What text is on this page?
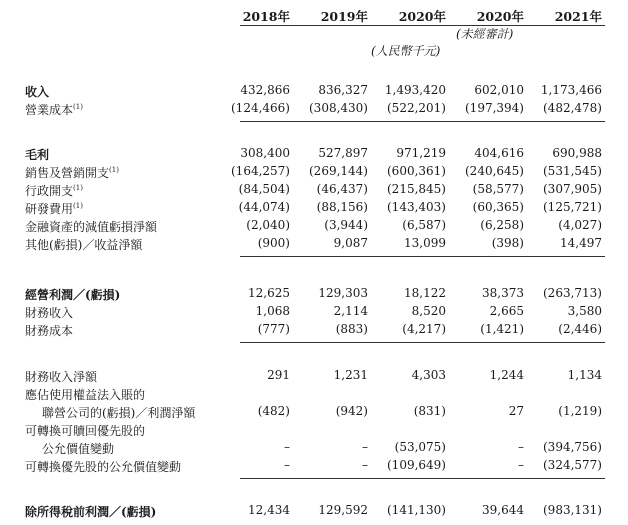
2018年	2019年	2020年	2020年	2021年
(未經審計)
(人民幣千元)
收入	432,866	836,327	1,493,420	602,010	1,173,466
營業成本$^{(1)}$	(124,466)	(308,430)	(522,201)	(197,394)	(482,478)
毛利	308,400	527,897	971,219	404,616	690,988
銷售及營銷開支$^{(1)}$	(164,257)	(269,144)	(600,361)	(240,645)	(531,545)
行政開支$^{(1)}$	(84,504)	(46,437)	(215,845)	(58,577)	(307,905)
研發費用$^{(1)}$	(44,074)	(88,156)	(143,403)	(60,365)	(125,721)
金融資產的減值虧損淨額	(2,040)	(3,944)	(6,587)	(6,258)	(4,027)
其他(虧損)／收益淨額	(900)	9,087	13,099	(398)	14,497
經營利潤／(虧損)	12,625	129,303	18,122	38,373	(263,713)
財務收入	1,068	2,114	8,520	2,665	3,580
財務成本	(777)	(883)	(4,217)	(1,421)	(2,446)
財務收入淨額	291	1,231	4,303	1,244	1,134
應佔使用權益法入賬的
聯營公司的(虧損)／利潤淨額	(482)	(942)	(831)	27	(1,219)
可轉換可贖回優先股的
公允價值變動	–	–	(53,075)	–	(394,756)
可轉換優先股的公允價值變動	–	–	(109,649)	–	(324,577)
除所得稅前利潤／(虧損)	12,434	129,592	(141,130)	39,644	(983,131)
